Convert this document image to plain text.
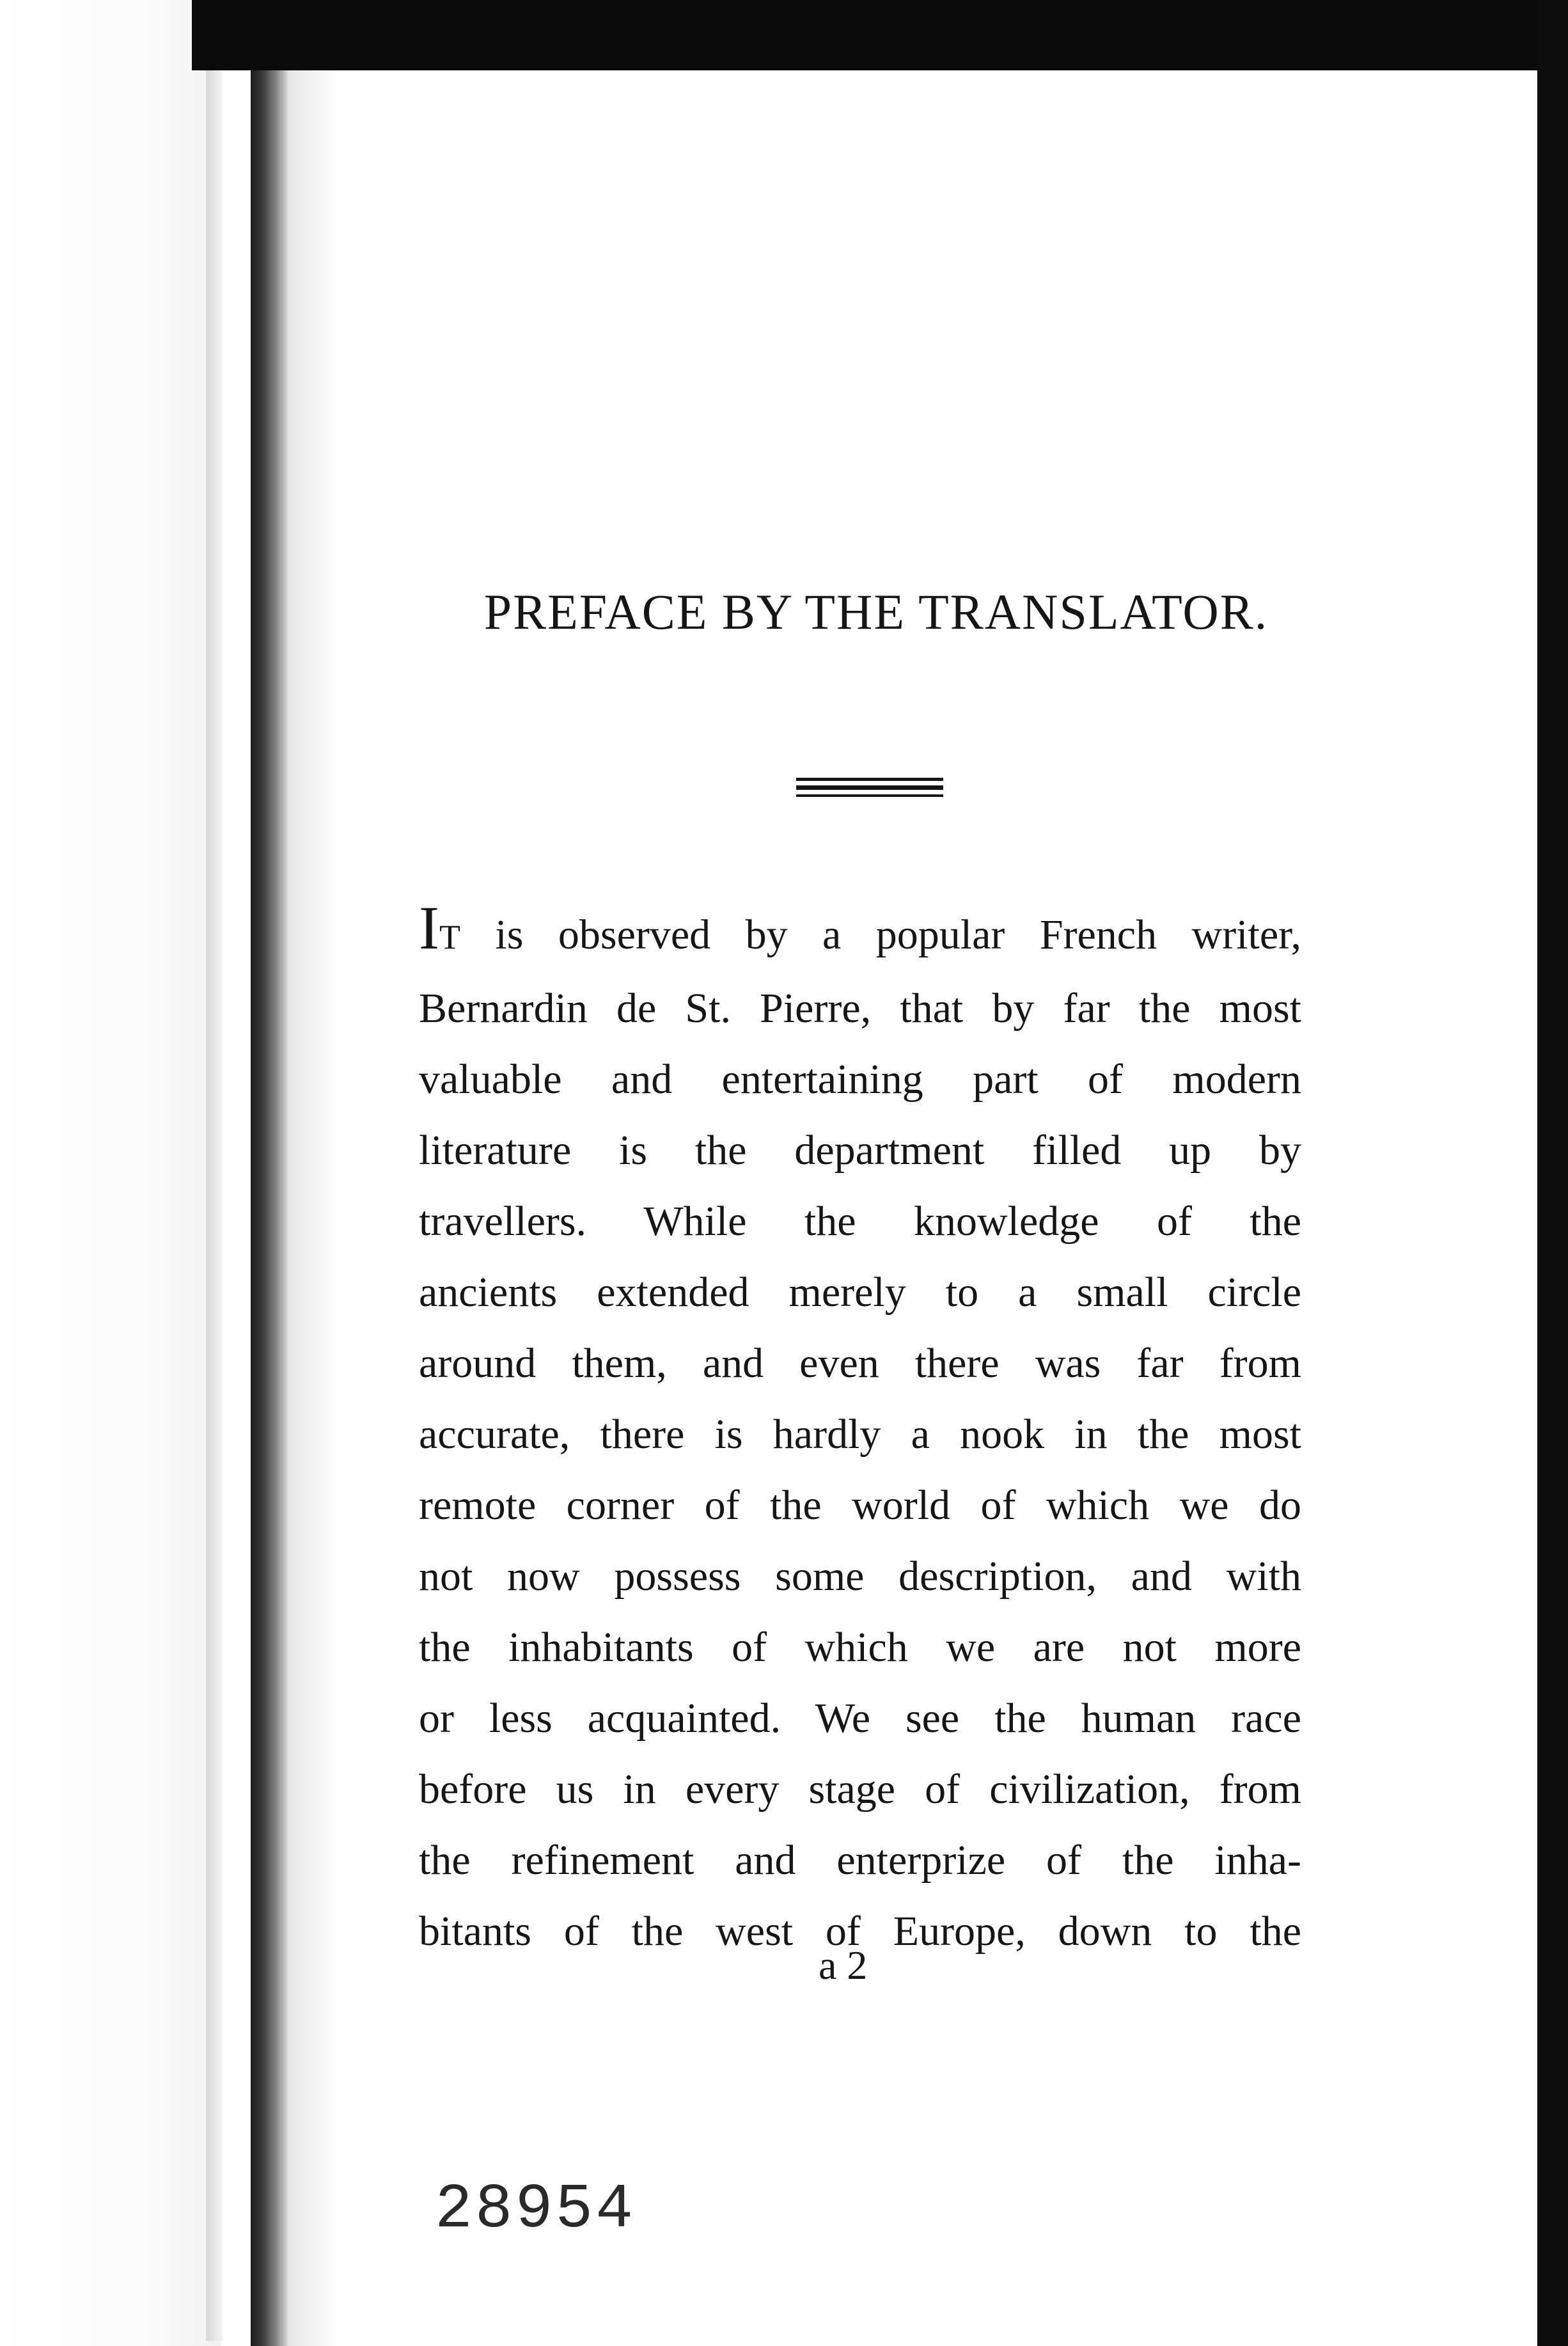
PREFACE BY THE TRANSLATOR.
IT is observed by a popular French writer,
Bernardin de St. Pierre, that by far the most
valuable and entertaining part of modern
literature is the department filled up by
travellers. While the knowledge of the
ancients extended merely to a small circle
around them, and even there was far from
accurate, there is hardly a nook in the most
remote corner of the world of which we do
not now possess some description, and with
the inhabitants of which we are not more
or less acquainted. We see the human race
before us in every stage of civilization, from
the refinement and enterprize of the inha-
bitants of the west of Europe, down to the
a 2
28954
